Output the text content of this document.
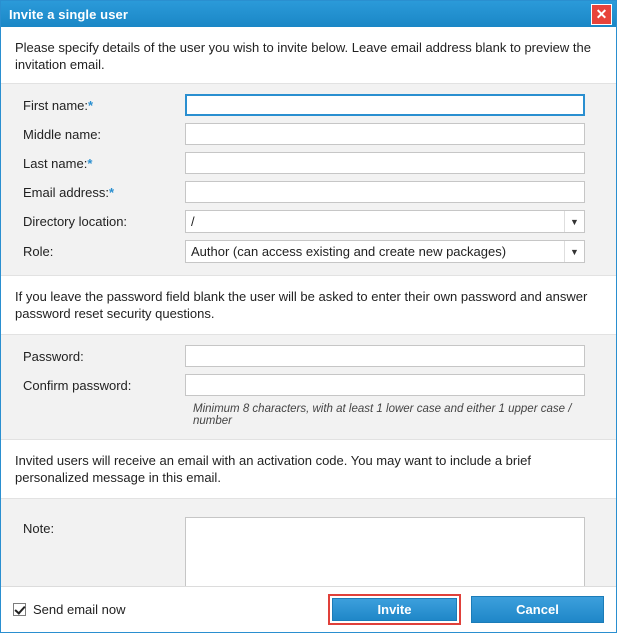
Invite a single user	✕
Please specify details of the user you wish to invite below. Leave email address blank to preview the invitation email.
First name:*
Middle name:
Last name:*
Email address:*
Directory location:	/	▼
Role:	Author (can access existing and create new packages)	▼
If you leave the password field blank the user will be asked to enter their own password and answer password reset security questions.
Password:
Confirm password:
Minimum 8 characters, with at least 1 lower case and either 1 upper case / number
Invited users will receive an email with an activation code. You may want to include a brief personalized message in this email.
Note:
Send email now	Invite	Cancel
